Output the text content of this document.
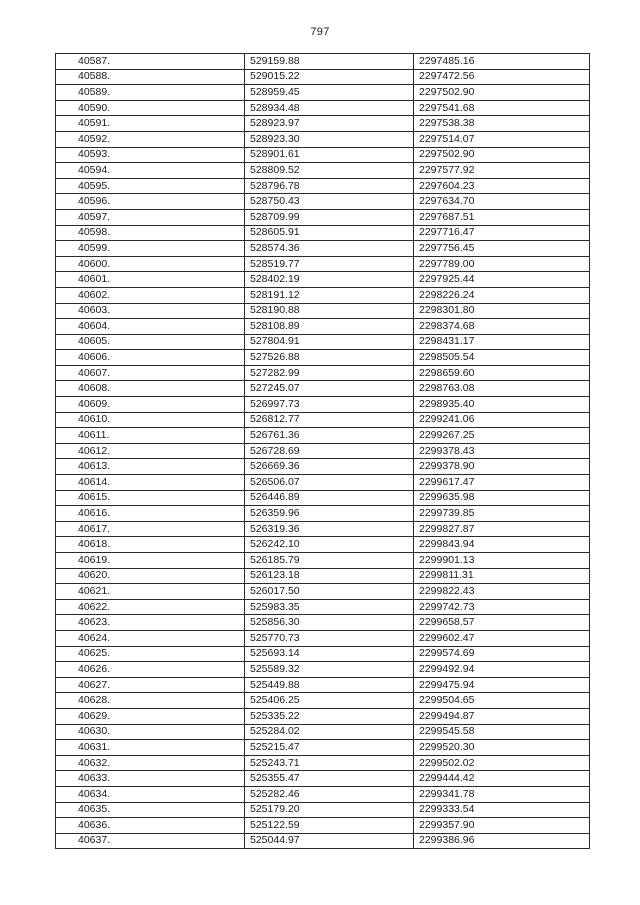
797
40587.	529159.88	2297485.16
40588.	529015.22	2297472.56
40589.	528959.45	2297502.90
40590.	528934.48	2297541.68
40591.	528923.97	2297538.38
40592.	528923.30	2297514.07
40593.	528901.61	2297502.90
40594.	528809.52	2297577.92
40595.	528796.78	2297604.23
40596.	528750.43	2297634.70
40597.	528709.99	2297687.51
40598.	528605.91	2297716.47
40599.	528574.36	2297756.45
40600.	528519.77	2297789.00
40601.	528402.19	2297925.44
40602.	528191.12	2298226.24
40603.	528190.88	2298301.80
40604.	528108.89	2298374.68
40605.	527804.91	2298431.17
40606.	527526.88	2298505.54
40607.	527282.99	2298659.60
40608.	527245.07	2298763.08
40609.	526997.73	2298935.40
40610.	526812.77	2299241.06
40611.	526761.36	2299267.25
40612.	526728.69	2299378.43
40613.	526669.36	2299378.90
40614.	526506.07	2299617.47
40615.	526446.89	2299635.98
40616.	526359.96	2299739.85
40617.	526319.36	2299827.87
40618.	526242.10	2299843.94
40619.	526185.79	2299901.13
40620.	526123.18	2299811.31
40621.	526017.50	2299822.43
40622.	525983.35	2299742.73
40623.	525856.30	2299658.57
40624.	525770.73	2299602.47
40625.	525693.14	2299574.69
40626.	525589.32	2299492.94
40627.	525449.88	2299475.94
40628.	525406.25	2299504.65
40629.	525335.22	2299494.87
40630.	525284.02	2299545.58
40631.	525215.47	2299520.30
40632.	525243.71	2299502.02
40633.	525355.47	2299444.42
40634.	525282.46	2299341.78
40635.	525179.20	2299333.54
40636.	525122.59	2299357.90
40637.	525044.97	2299386.96
